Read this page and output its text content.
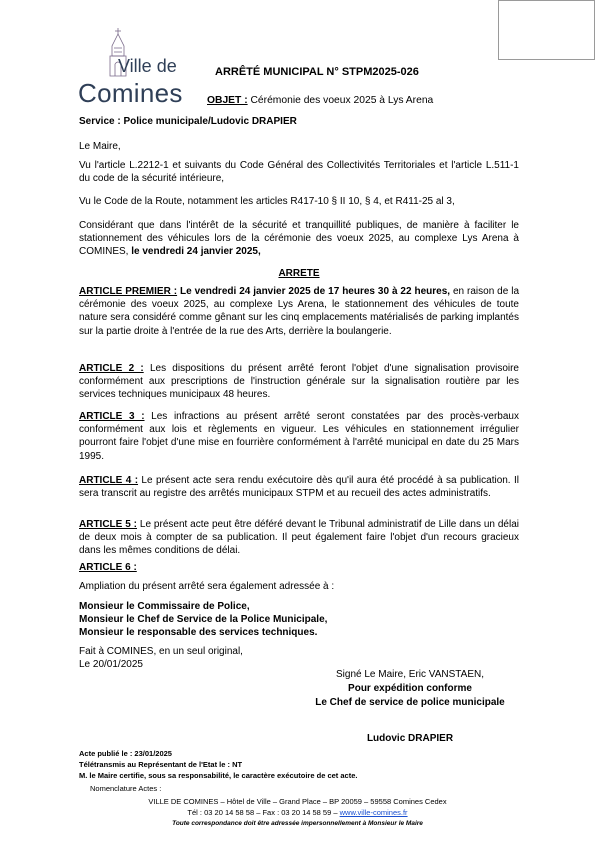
Ville de
Comines
ARRÊTÉ MUNICIPAL N° STPM2025-026
OBJET : Cérémonie des voeux 2025 à Lys Arena
Service : Police municipale/Ludovic DRAPIER
Le Maire,
Vu l'article L.2212-1 et suivants du Code Général des Collectivités Territoriales et l'article L.511-1 du code de la sécurité intérieure,
Vu le Code de la Route, notamment les articles R417-10 § II 10, § 4, et R411-25 al 3,
Considérant que dans l'intérêt de la sécurité et tranquillité publiques, de manière à faciliter le stationnement des véhicules lors de la cérémonie des voeux 2025, au complexe Lys Arena à COMINES, le vendredi 24 janvier 2025,
ARRETE
ARTICLE PREMIER : Le vendredi 24 janvier 2025 de 17 heures 30 à 22 heures, en raison de la cérémonie des voeux 2025, au complexe Lys Arena, le stationnement des véhicules de toute nature sera considéré comme gênant sur les cinq emplacements matérialisés de parking implantés sur la partie droite à l'entrée de la rue des Arts, derrière la boulangerie.
ARTICLE 2 : Les dispositions du présent arrêté feront l'objet d'une signalisation provisoire conformément aux prescriptions de l'instruction générale sur la signalisation routière par les services techniques municipaux 48 heures.
ARTICLE 3 : Les infractions au présent arrêté seront constatées par des procès-verbaux conformément aux lois et règlements en vigueur. Les véhicules en stationnement irrégulier pourront faire l'objet d'une mise en fourrière conformément à l'arrêté municipal en date du 25 Mars 1995.
ARTICLE 4 : Le présent acte sera rendu exécutoire dès qu'il aura été procédé à sa publication. Il sera transcrit au registre des arrêtés municipaux STPM et au recueil des actes administratifs.
ARTICLE 5 : Le présent acte peut être déféré devant le Tribunal administratif de Lille dans un délai de deux mois à compter de sa publication. Il peut également faire l'objet d'un recours gracieux dans les mêmes conditions de délai.
ARTICLE 6 :
Ampliation du présent arrêté sera également adressée à :
Monsieur le Commissaire de Police,
Monsieur le Chef de Service de la Police Municipale,
Monsieur le responsable des services techniques.
Fait à COMINES, en un seul original,
Le 20/01/2025
Signé Le Maire, Eric VANSTAEN,
Pour expédition conforme
Le Chef de service de police municipale
Ludovic DRAPIER
Acte publié le : 23/01/2025
Télétransmis au Représentant de l'Etat le : NT
M. le Maire certifie, sous sa responsabilité, le caractère exécutoire de cet acte.
Nomenclature Actes :
VILLE DE COMINES – Hôtel de Ville – Grand Place – BP 20059 – 59558 Comines Cedex
Tél : 03 20 14 58 58 – Fax : 03 20 14 58 59 – www.ville-comines.fr
Toute correspondance doit être adressée impersonnellement à Monsieur le Maire
